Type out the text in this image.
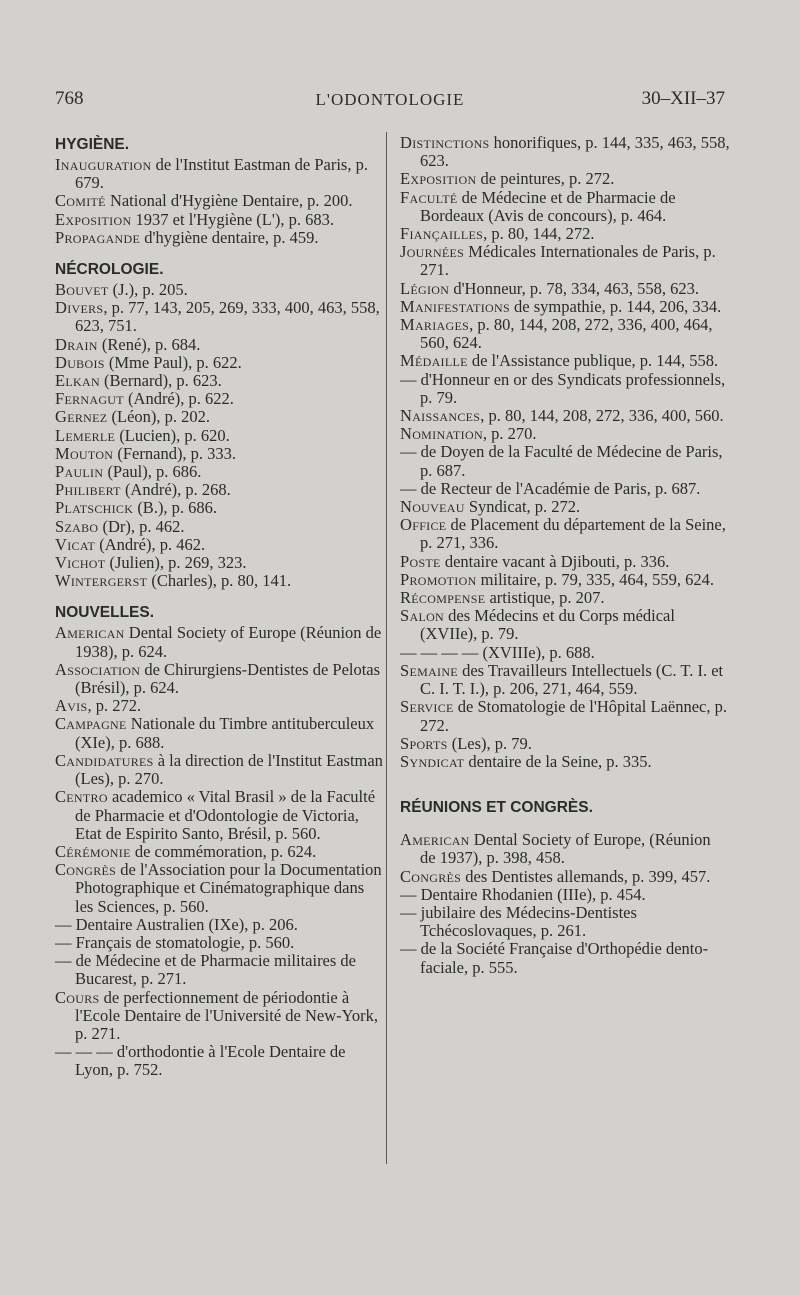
768	L'ODONTOLOGIE	30–XII–37
HYGIÈNE.

Inauguration de l'Institut Eastman de Paris, p. 679.

Comité National d'Hygiène Dentaire, p. 200.

Exposition 1937 et l'Hygiène (L'), p. 683.

Propagande d'hygiène dentaire, p. 459.

NÉCROLOGIE.

Bouvet (J.), p. 205.

Divers, p. 77, 143, 205, 269, 333, 400, 463, 558, 623, 751.

Drain (René), p. 684.

Dubois (Mme Paul), p. 622.

Elkan (Bernard), p. 623.

Fernagut (André), p. 622.

Gernez (Léon), p. 202.

Lemerle (Lucien), p. 620.

Mouton (Fernand), p. 333.

Paulin (Paul), p. 686.

Philibert (André), p. 268.

Platschick (B.), p. 686.

Szabo (Dr), p. 462.

Vicat (André), p. 462.

Vichot (Julien), p. 269, 323.

Wintergerst (Charles), p. 80, 141.

NOUVELLES.

American Dental Society of Europe (Réunion de 1938), p. 624.

Association de Chirurgiens-Dentistes de Pelotas (Brésil), p. 624.

Avis, p. 272.

Campagne Nationale du Timbre antituberculeux (XIe), p. 688.

Candidatures à la direction de l'Institut Eastman (Les), p. 270.

Centro academico « Vital Brasil » de la Faculté de Pharmacie et d'Odontologie de Victoria, Etat de Espirito Santo, Brésil, p. 560.

Cérémonie de commémoration, p. 624.

Congrès de l'Association pour la Documentation Photographique et Cinématographique dans les Sciences, p. 560.

— Dentaire Australien (IXe), p. 206.

— Français de stomatologie, p. 560.

— de Médecine et de Pharmacie militaires de Bucarest, p. 271.

Cours de perfectionnement de périodontie à l'Ecole Dentaire de l'Université de New-York, p. 271.

— — — d'orthodontie à l'Ecole Dentaire de Lyon, p. 752.

Distinctions honorifiques, p. 144, 335, 463, 558, 623.

Exposition de peintures, p. 272.

Faculté de Médecine et de Pharmacie de Bordeaux (Avis de concours), p. 464.

Fiançailles, p. 80, 144, 272.

Journées Médicales Internationales de Paris, p. 271.

Légion d'Honneur, p. 78, 334, 463, 558, 623.

Manifestations de sympathie, p. 144, 206, 334.

Mariages, p. 80, 144, 208, 272, 336, 400, 464, 560, 624.

Médaille de l'Assistance publique, p. 144, 558.

— d'Honneur en or des Syndicats professionnels, p. 79.

Naissances, p. 80, 144, 208, 272, 336, 400, 560.

Nomination, p. 270.

— de Doyen de la Faculté de Médecine de Paris, p. 687.

— de Recteur de l'Académie de Paris, p. 687.

Nouveau Syndicat, p. 272.

Office de Placement du département de la Seine, p. 271, 336.

Poste dentaire vacant à Djibouti, p. 336.

Promotion militaire, p. 79, 335, 464, 559, 624.

Récompense artistique, p. 207.

Salon des Médecins et du Corps médical (XVIIe), p. 79.

— — — — (XVIIIe), p. 688.

Semaine des Travailleurs Intellectuels (C. T. I. et C. I. T. I.), p. 206, 271, 464, 559.

Service de Stomatologie de l'Hôpital Laënnec, p. 272.

Sports (Les), p. 79.

Syndicat dentaire de la Seine, p. 335.

RÉUNIONS ET CONGRÈS.

American Dental Society of Europe, (Réunion de 1937), p. 398, 458.

Congrès des Dentistes allemands, p. 399, 457.

— Dentaire Rhodanien (IIIe), p. 454.

— jubilaire des Médecins-Dentistes Tchécoslovaques, p. 261.

— de la Société Française d'Orthopédie dento-faciale, p. 555.
